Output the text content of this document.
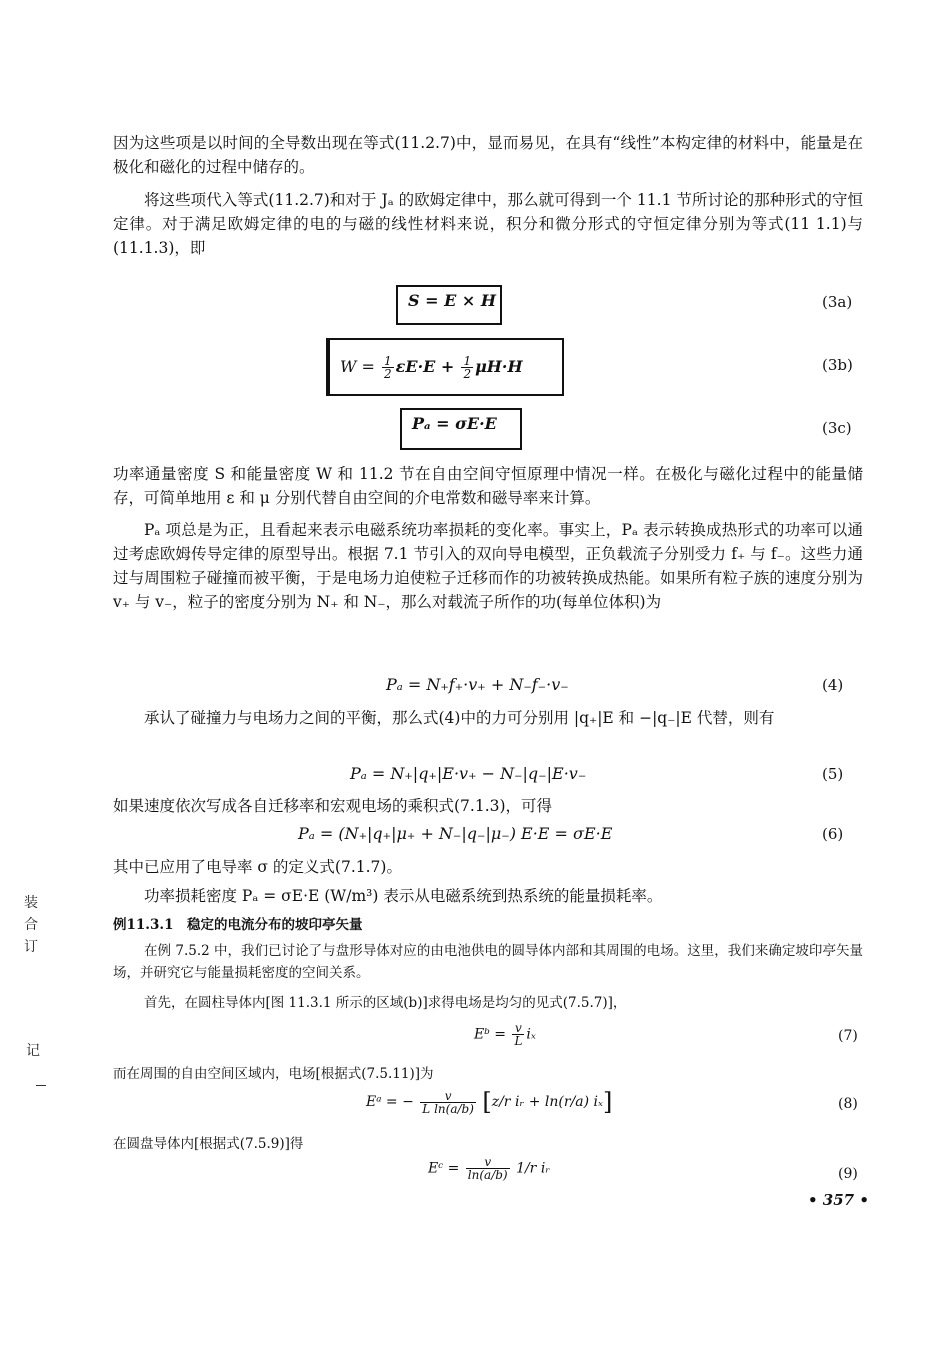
因为这些项是以时间的全导数出现在等式(11.2.7)中，显而易见，在具有“线性”本构定律的材料中，能量是在极化和磁化的过程中储存的。

将这些项代入等式(11.2.7)和对于 Jₐ 的欧姆定律中，那么就可得到一个 11.1 节所讨论的那种形式的守恒定律。对于满足欧姆定律的电的与磁的线性材料来说，积分和微分形式的守恒定律分别为等式(11 1.1)与(11.1.3)，即

S = E × H	(3a)
$W = \frac{1}{2} \varepsilon E\cdot E + \frac{1}{2} \mu H\cdot H$	(3b)
Pₐ = σE·E	(3c)

功率通量密度 S 和能量密度 W 和 11.2 节在自由空间守恒原理中情况一样。在极化与磁化过程中的能量储存，可简单地用 ε 和 μ 分别代替自由空间的介电常数和磁导率来计算。

Pₐ 项总是为正，且看起来表示电磁系统功率损耗的变化率。事实上，Pₐ 表示转换成热形式的功率可以通过考虑欧姆传导定律的原型导出。根据 7.1 节引入的双向导电模型，正负载流子分别受力 f₊ 与 f₋。这些力通过与周围粒子碰撞而被平衡，于是电场力迫使粒子迁移而作的功被转换成热能。如果所有粒子族的速度分别为 v₊ 与 v₋，粒子的密度分别为 N₊ 和 N₋，那么对载流子所作的功(每单位体积)为

Pₐ = N₊f₊·v₊ + N₋f₋·v₋	(4)

承认了碰撞力与电场力之间的平衡，那么式(4)中的力可分别用 |q₊|E 和 −|q₋|E 代替，则有

Pₐ = N₊|q₊|E·v₊ − N₋|q₋|E·v₋	(5)

如果速度依次写成各自迁移率和宏观电场的乘积式(7.1.3)，可得

Pₐ = (N₊|q₊|μ₊ + N₋|q₋|μ₋) E·E = σE·E	(6)

其中已应用了电导率 σ 的定义式(7.1.7)。

功率损耗密度 Pₐ = σE·E (W/m³) 表示从电磁系统到热系统的能量损耗率。

例11.3.1　稳定的电流分布的坡印亭矢量

在例 7.5.2 中，我们已讨论了与盘形导体对应的由电池供电的圆导体内部和其周围的电场。这里，我们来确定坡印亭矢量场，并研究它与能量损耗密度的空间关系。

首先，在圆柱导体内[图 11.3.1 所示的区域(b)]求得电场是均匀的见式(7.5.7)]，

Eᵇ = $\frac{v}{L}$ iₓ	(7)

而在周围的自由空间区域内，电场[根据式(7.5.11)]为

Eᵃ = − $\frac{v}{\text{L ln(a/b)}} [z/r$ iᵣ + ln(r/a) iₓ]	(8)

在圆盘导体内[根据式(7.5.9)]得

Eᶜ = $\frac{v}{\ln(a/b)} 1/r$ iᵣ	(9)
• 357 •
装
合
订
记
